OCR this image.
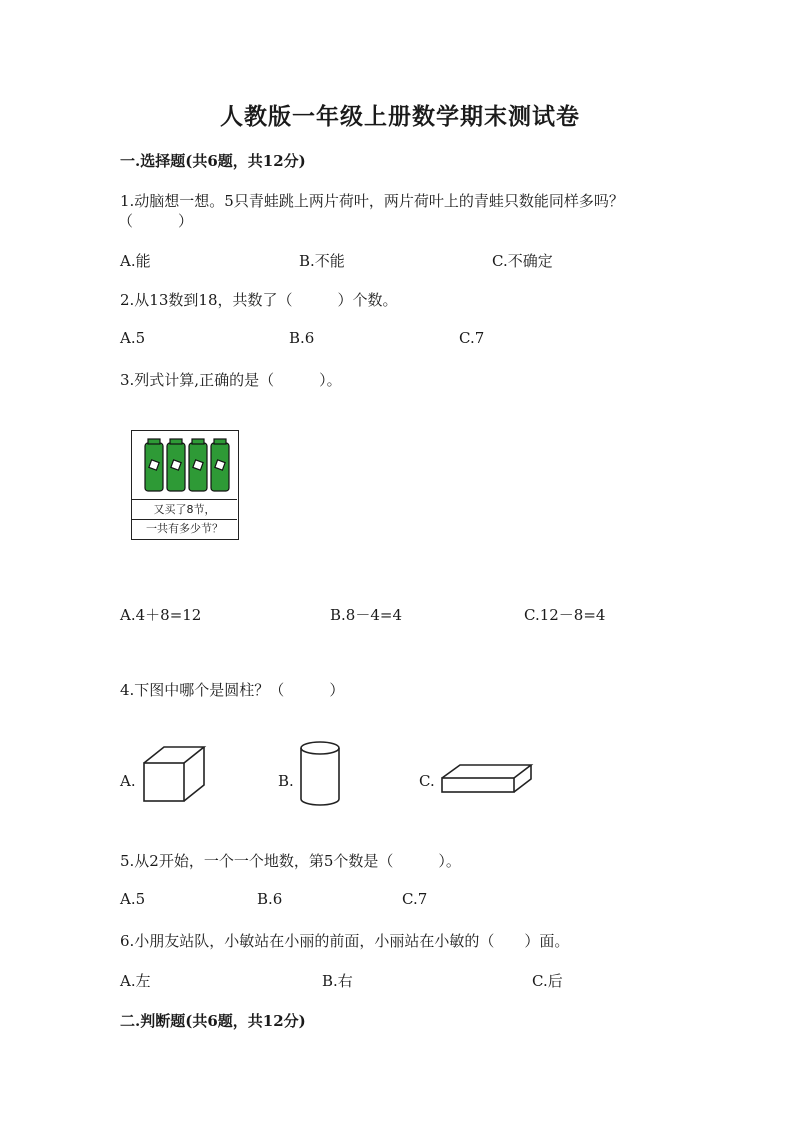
人教版一年级上册数学期末测试卷
一.选择题(共6题，共12分)
1.动脑想一想。5只青蛙跳上两片荷叶，两片荷叶上的青蛙只数能同样多吗？
（　　　）
A.能	B.不能	C.不确定
2.从13数到18，共数了（　　　）个数。
A.5	B.6	C.7
3.列式计算,正确的是（　　　）。
又买了8节，
一共有多少节？
A.4＋8=12	B.8－4=4	C.12－8=4
4.下图中哪个是圆柱？（　　　）
A.	B.	C.
5.从2开始，一个一个地数，第5个数是（　　　）。
A.5	B.6	C.7
6.小朋友站队，小敏站在小丽的前面，小丽站在小敏的（　　）面。
A.左	B.右	C.后
二.判断题(共6题，共12分)
